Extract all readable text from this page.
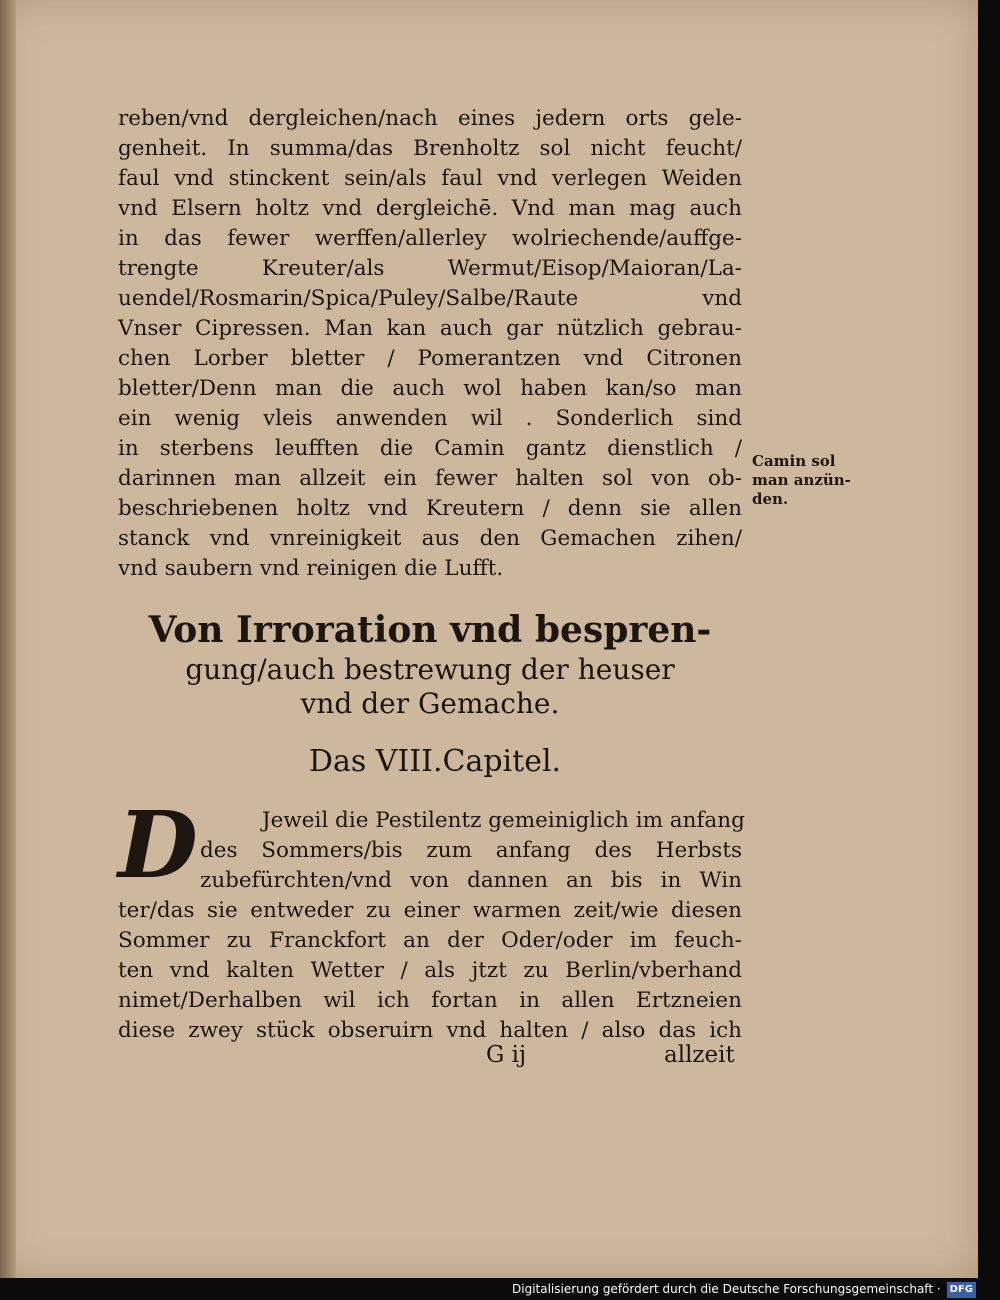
reben/vnd dergleichen/nach eines jedern orts gele-
genheit. In summa/das Brenholtz sol nicht feucht/
faul vnd stinckent sein/als faul vnd verlegen Weiden
vnd Elsern holtz vnd dergleichē. Vnd man mag auch
in das fewer werffen/allerley wolriechende/auffge-
trengte Kreuter/als Wermut/Eisop/Maioran/La-
uendel/Rosmarin/Spica/Puley/Salbe/Raute vnd
Vnser Cipressen. Man kan auch gar nützlich gebrau-
chen Lorber bletter / Pomerantzen vnd Citronen
bletter/Denn man die auch wol haben kan/so man
ein wenig vleis anwenden wil . Sonderlich sind
in sterbens leufften die Camin gantz dienstlich /
darinnen man allzeit ein fewer halten sol von ob-
beschriebenen holtz vnd Kreutern / denn sie allen
stanck vnd vnreinigkeit aus den Gemachen zihen/
vnd saubern vnd reinigen die Lufft.
Camin sol
man anzün-
den.
Von Irroration vnd bespren-
gung/auch bestrewung der heuser
vnd der Gemache.
Das VIII.Capitel.
D	Jeweil die Pestilentz gemeiniglich im anfang
des Sommers/bis zum anfang des Herbsts
zubefürchten/vnd von dannen an bis in Win
ter/das sie entweder zu einer warmen zeit/wie diesen
Sommer zu Franckfort an der Oder/oder im feuch-
ten vnd kalten Wetter / als jtzt zu Berlin/vberhand
nimet/Derhalben wil ich fortan in allen Ertzneien
diese zwey stück obseruirn vnd halten / also das ich
G ij	allzeit
Digitalisierung gefördert durch die Deutsche Forschungsgemeinschaft · DFG
